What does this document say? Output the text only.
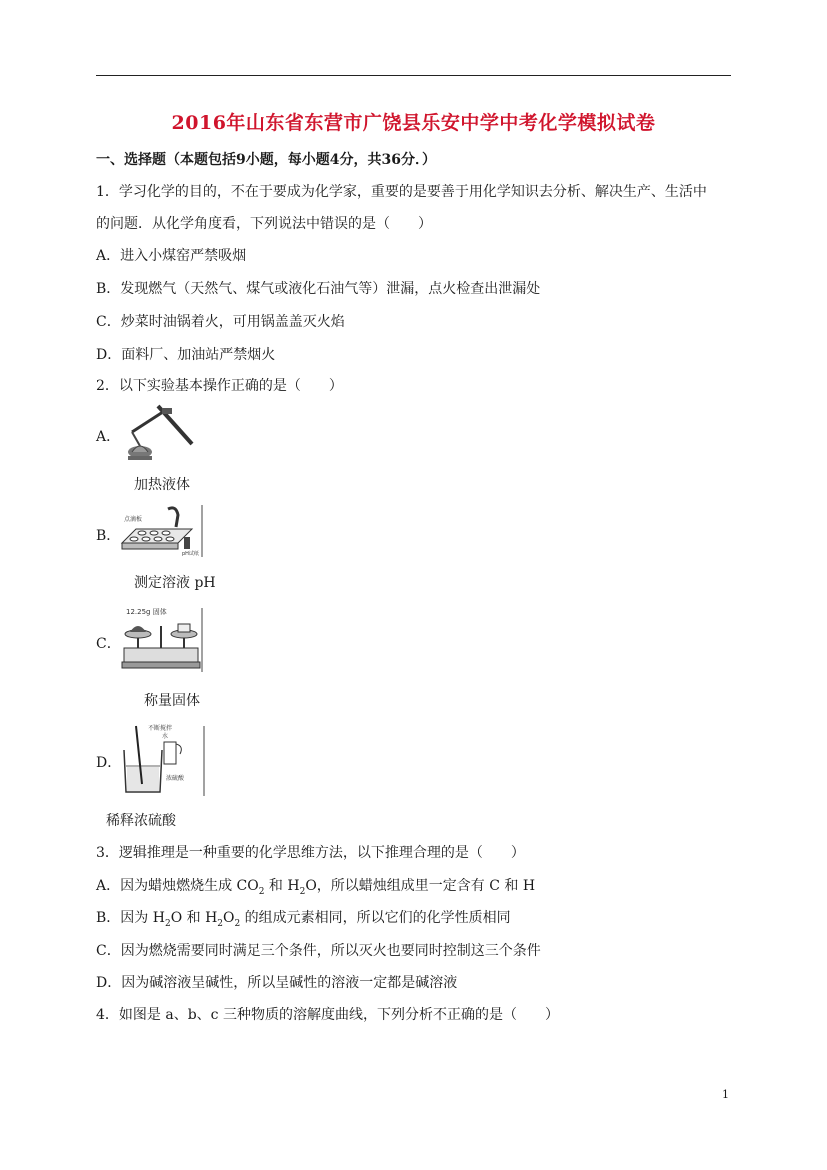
2016年山东省东营市广饶县乐安中学中考化学模拟试卷
一、选择题（本题包括9小题，每小题4分，共36分．）
1．学习化学的目的，不在于要成为化学家，重要的是要善于用化学知识去分析、解决生产、生活中
的问题．从化学角度看，下列说法中错误的是（　　）
A．进入小煤窑严禁吸烟
B．发现燃气（天然气、煤气或液化石油气等）泄漏，点火检查出泄漏处
C．炒菜时油锅着火，可用锅盖盖灭火焰
D．面料厂、加油站严禁烟火
2．以下实验基本操作正确的是（　　）
A．
加热液体
B．
点滴板
pH试纸
测定溶液 pH
C．
12.25g 固体
称量固体
D．
不断搅拌
水
浓硫酸
稀释浓硫酸
3．逻辑推理是一种重要的化学思维方法，以下推理合理的是（　　）
A．因为蜡烛燃烧生成 $CO_2$ 和 $H_2O$，所以蜡烛组成里一定含有 C 和 H
B．因为 $H_2O$ 和 $H_2O_2$ 的组成元素相同，所以它们的化学性质相同
C．因为燃烧需要同时满足三个条件，所以灭火也要同时控制这三个条件
D．因为碱溶液呈碱性，所以呈碱性的溶液一定都是碱溶液
4．如图是 a、b、c 三种物质的溶解度曲线，下列分析不正确的是（　　）
1
